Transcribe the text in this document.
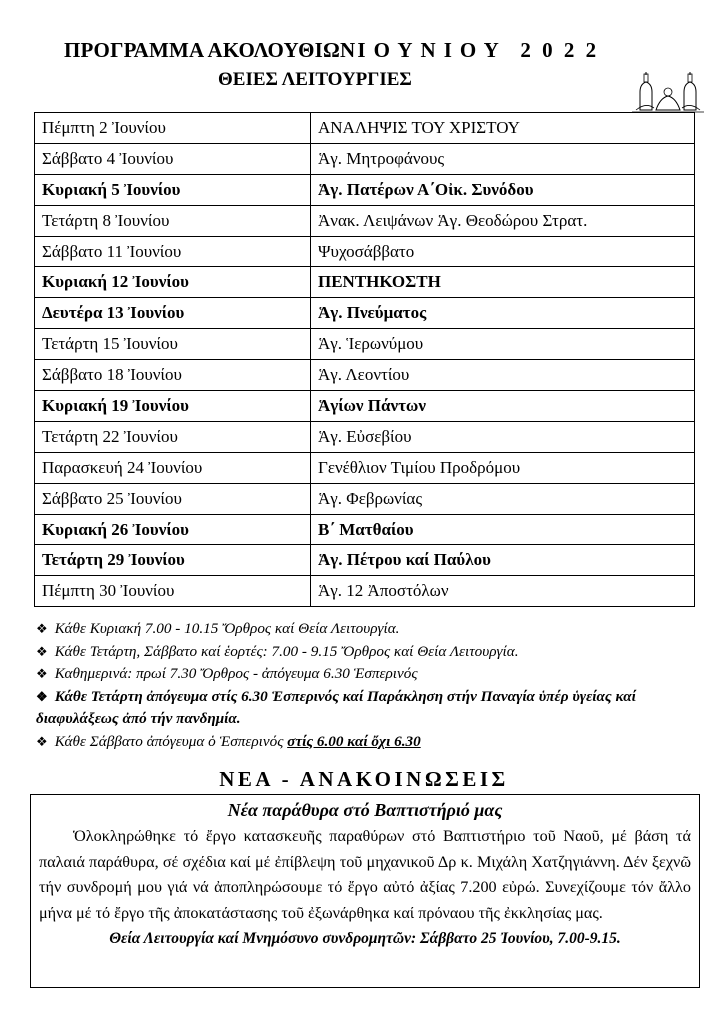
ΠΡΟΓΡΑΜΜΑ ΑΚΟΛΟΥΘΙΩΝΙΟΥΝΙΟΥ 2 0 2 2
ΘΕΙΕΣ ΛΕΙΤΟΥΡΓΙΕΣ
Πέμπτη 2 Ἰουνίου	ΑΝΑΛΗΨΙΣ ΤΟΥ ΧΡΙΣΤΟΥ
Σάββατο 4 Ἰουνίου	Ἁγ. Μητροφάνους
Κυριακή 5 Ἰουνίου	Ἁγ. Πατέρων Α΄Οἰκ. Συνόδου
Τετάρτη 8 Ἰουνίου	Ἀνακ. Λειψάνων Ἁγ. Θεοδώρου Στρατ.
Σάββατο 11 Ἰουνίου	Ψυχοσάββατο
Κυριακή 12 Ἰουνίου	ΠΕΝΤΗΚΟΣΤΗ
Δευτέρα 13 Ἰουνίου	Ἁγ. Πνεύματος
Τετάρτη 15 Ἰουνίου	Ἁγ. Ἱερωνύμου
Σάββατο 18 Ἰουνίου	Ἁγ. Λεοντίου
Κυριακή 19 Ἰουνίου	Ἁγίων Πάντων
Τετάρτη 22 Ἰουνίου	Ἁγ. Εὐσεβίου
Παρασκευή 24 Ἰουνίου	Γενέθλιον Τιμίου Προδρόμου
Σάββατο 25 Ἰουνίου	Ἁγ. Φεβρωνίας
Κυριακή 26 Ἰουνίου	Β΄ Ματθαίου
Τετάρτη 29 Ἰουνίου	Ἁγ. Πέτρου καί Παύλου
Πέμπτη 30 Ἰουνίου	Ἁγ. 12 Ἀποστόλων
❖ Κάθε Κυριακή 7.00 - 10.15 Ὄρθρος καί Θεία Λειτουργία.
❖ Κάθε Τετάρτη, Σάββατο καί ἑορτές: 7.00 - 9.15 Ὄρθρος καί Θεία Λειτουργία.
❖ Καθημερινά: πρωί 7.30 Ὄρθρος - ἀπόγευμα 6.30 Ἑσπερινός
❖ Κάθε Τετάρτη ἀπόγευμα στίς 6.30 Ἑσπερινός καί Παράκληση στήν Παναγία ὑπέρ ὑγείας καί διαφυλάξεως ἀπό τήν πανδημία.
❖ Κάθε Σάββατο ἀπόγευμα ὁ Ἑσπερινός στίς 6.00 καί ὄχι 6.30
ΝΕΑ - ΑΝΑΚΟΙΝΩΣΕΙΣ
Νέα παράθυρα στό Βαπτιστήριό μας
Ὁλοκληρώθηκε τό ἔργο κατασκευῆς παραθύρων στό Βαπτιστήριο τοῦ Ναοῦ, μέ βάση τά παλαιά παράθυρα, σέ σχέδια καί μέ ἐπίβλεψη τοῦ μηχανικοῦ Δρ κ. Μιχάλη Χατζηγιάννη. Δέν ξεχνῶ τήν συνδρομή μου γιά νά ἀποπληρώσουμε τό ἔργο αὐτό ἀξίας 7.200 εὐρώ. Συνεχίζουμε τόν ἄλλο μήνα μέ τό ἔργο τῆς ἀποκατάστασης τοῦ ἐξωνάρθηκα καί πρόναου τῆς ἐκκλησίας μας.
Θεία Λειτουργία καί Μνημόσυνο συνδρομητῶν: Σάββατο 25 Ἰουνίου, 7.00-9.15.
